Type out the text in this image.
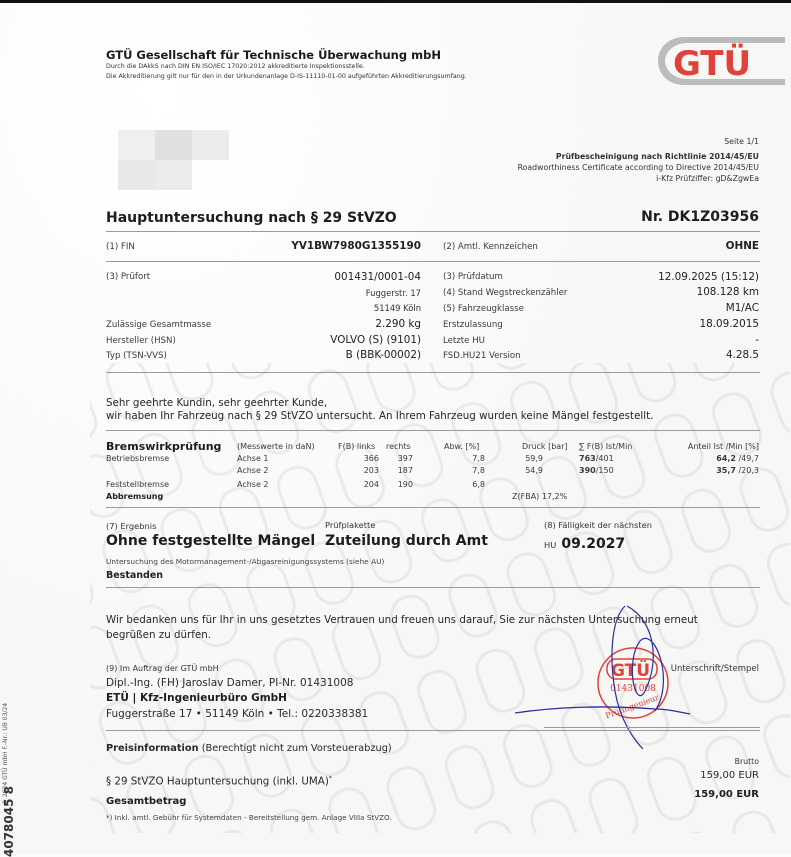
GTÜ Gesellschaft für Technische Überwachung mbH
Durch die DAkkS nach DIN EN ISO/IEC 17020:2012 akkreditierte Inspektionsstelle.
Die Akkreditierung gilt nur für den in der Urkundenanlage D-IS-11110-01-00 aufgeführten Akkreditierungsumfang.	GTÜ
Seite 1/1
Prüfbescheinigung nach Richtlinie 2014/45/EU
Roadworthiness Certificate according to Directive 2014/45/EU
i-Kfz Prüfziffer: gD&ZgwEa
Hauptuntersuchung nach § 29 StVZO	Nr. DK1Z03956
(1) FIN	YV1BW7980G1355190	(2) Amtl. Kennzeichen	OHNE
(3) Prüfort	001431/0001-04
Fuggerstr. 17
51149 Köln
Zulässige Gesamtmasse	2.290 kg
Hersteller (HSN)	VOLVO (S) (9101)
Typ (TSN-VVS)	B (BBK-00002)
(3) Prüfdatum	12.09.2025 (15:12)
(4) Stand Wegstreckenzähler	108.128 km
(5) Fahrzeugklasse	M1/AC
Erstzulassung	18.09.2015
Letzte HU	-
FSD.HU21 Version	4.28.5
Sehr geehrte Kundin, sehr geehrter Kunde,
wir haben Ihr Fahrzeug nach § 29 StVZO untersucht. An Ihrem Fahrzeug wurden keine Mängel festgestellt.
Bremswirkprüfung (Messwerte in daN)	F(B) links rechts	Abw. [%]	Druck [bar] ∑ F(B) Ist/Min	Anteil Ist /Min [%]
Betriebsbremse	Achse 1	366 397	7,8	59,9	763/401	64,2 /49,7
Achse 2	203 187	7,8	54,9	390/150	35,7 /20,3
Feststellbremse	Achse 2	204 190	6,8
Abbremsung	Z(FBA) 17,2%
(7) Ergebnis
Ohne festgestellte Mängel
Prüfplakette
Zuteilung durch Amt
(8) Fälligkeit der nächsten
HU 09.2027
Untersuchung des Motormanagement-/Abgasreinigungssystems (siehe AU)
Bestanden
Wir bedanken uns für Ihr in uns gesetztes Vertrauen und freuen uns darauf, Sie zur nächsten Untersuchung erneut
begrüßen zu dürfen.
(9) Im Auftrag der GTÜ mbH
Dipl.-Ing. (FH) Jaroslav Damer, PI-Nr. 01431008
ETÜ | Kfz-Ingenieurbüro GmbH
Fuggerstraße 17 • 51149 Köln • Tel.: 0220338381
GTÜ
01431008
Prüfingenieur
Unterschrift/Stempel
Preisinformation (Berechtigt nicht zum Vorsteuerabzug)
Brutto
§ 29 StVZO Hauptuntersuchung (inkl. UMA)*	159,00 EUR
159,00 EUR
Gesamtbetrag
*) Inkl. amtl. Gebühr für Systemdaten - Bereitstellung gem. Anlage VIIIa StVZO.
© 2024 GTÜ mbH F.-Nr.: UB 03/24
4078045 8
